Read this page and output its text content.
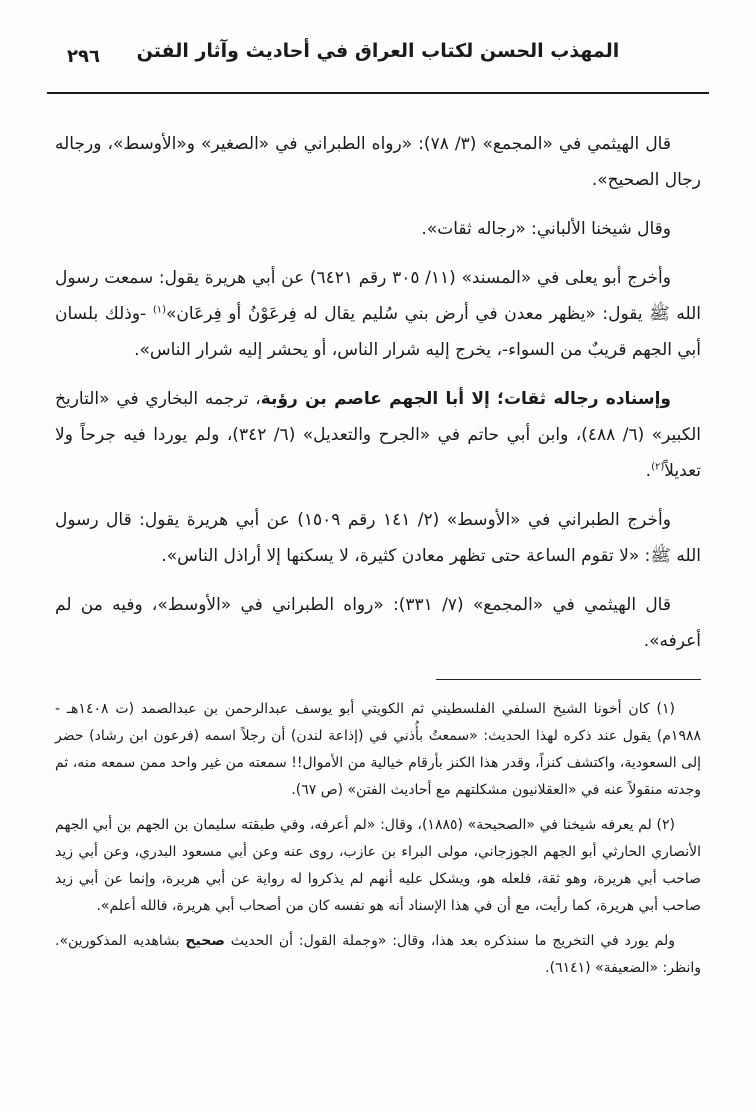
المهذب الحسن لكتاب العراق في أحاديث وآثار الفتن
٢٩٦

قال الهيثمي في «المجمع» (٣/ ٧٨): «رواه الطبراني في «الصغير» و«الأوسط»، ورجاله رجال الصحيح».

وقال شيخنا الألباني: «رجاله ثقات».

وأخرج أبو يعلى في «المسند» (١١/ ٣٠٥ رقم ٦٤٢١) عن أبي هريرة يقول: سمعت رسول الله ﷺ يقول: «يظهر معدن في أرض بني سُليم يقال له فِرعَوْنُ أو فِرعَان»$^{(١)}$ -وذلك بلسان أبي الجهم قريبٌ من السواء-، يخرج إليه شرار الناس، أو يحشر إليه شرار الناس».

وإسناده رجاله ثقات؛ إلا أبا الجهم عاصم بن رؤبة، ترجمه البخاري في «التاريخ الكبير» (٦/ ٤٨٨)، وابن أبي حاتم في «الجرح والتعديل» (٦/ ٣٤٢)، ولم يوردا فيه جرحاً ولا تعديلاً$^{(٢)}$.

وأخرج الطبراني في «الأوسط» (٢/ ١٤١ رقم ١٥٠٩) عن أبي هريرة يقول: قال رسول الله ﷺ: «لا تقوم الساعة حتى تظهر معادن كثيرة، لا يسكنها إلا أراذل الناس».

قال الهيثمي في «المجمع» (٧/ ٣٣١): «رواه الطبراني في «الأوسط»، وفيه من لم أعرفه».

(١) كان أخونا الشيخ السلفي الفلسطيني ثم الكويتي أبو يوسف عبدالرحمن بن عبدالصمد (ت ١٤٠٨هـ - ١٩٨٨م) يقول عند ذكره لهذا الحديث: «سمعتُ بأُذني في (إذاعة لندن) أن رجلاً اسمه (فرعون ابن رشاد) حضر إلى السعودية، واكتشف كنزاً، وقدر هذا الكنز بأرقام خيالية من الأموال!! سمعته من غير واحد ممن سمعه منه، ثم وجدته منقولاً عنه في «العقلانيون مشكلتهم مع أحاديث الفتن» (ص ٦٧).

(٢) لم يعرفه شيخنا في «الصحيحة» (١٨٨٥)، وقال: «لم أعرفه، وفي طبقته سليمان بن الجهم بن أبي الجهم الأنصاري الحارثي أبو الجهم الجوزجاني، مولى البراء بن عازب، روى عنه وعن أبي مسعود البدري، وعن أبي زيد صاحب أبي هريرة، وهو ثقة، فلعله هو، ويشكل عليه أنهم لم يذكروا له رواية عن أبي هريرة، وإنما عن أبي زيد صاحب أبي هريرة، كما رأيت، مع أن في هذا الإسناد أنه هو نفسه كان من أصحاب أبي هريرة، فالله أعلم».

ولم يورد في التخريج ما سنذكره بعد هذا، وقال: «وجملة القول: أن الحديث صحيح بشاهديه المذكورين». وانظر: «الضعيفة» (٦١٤١).
